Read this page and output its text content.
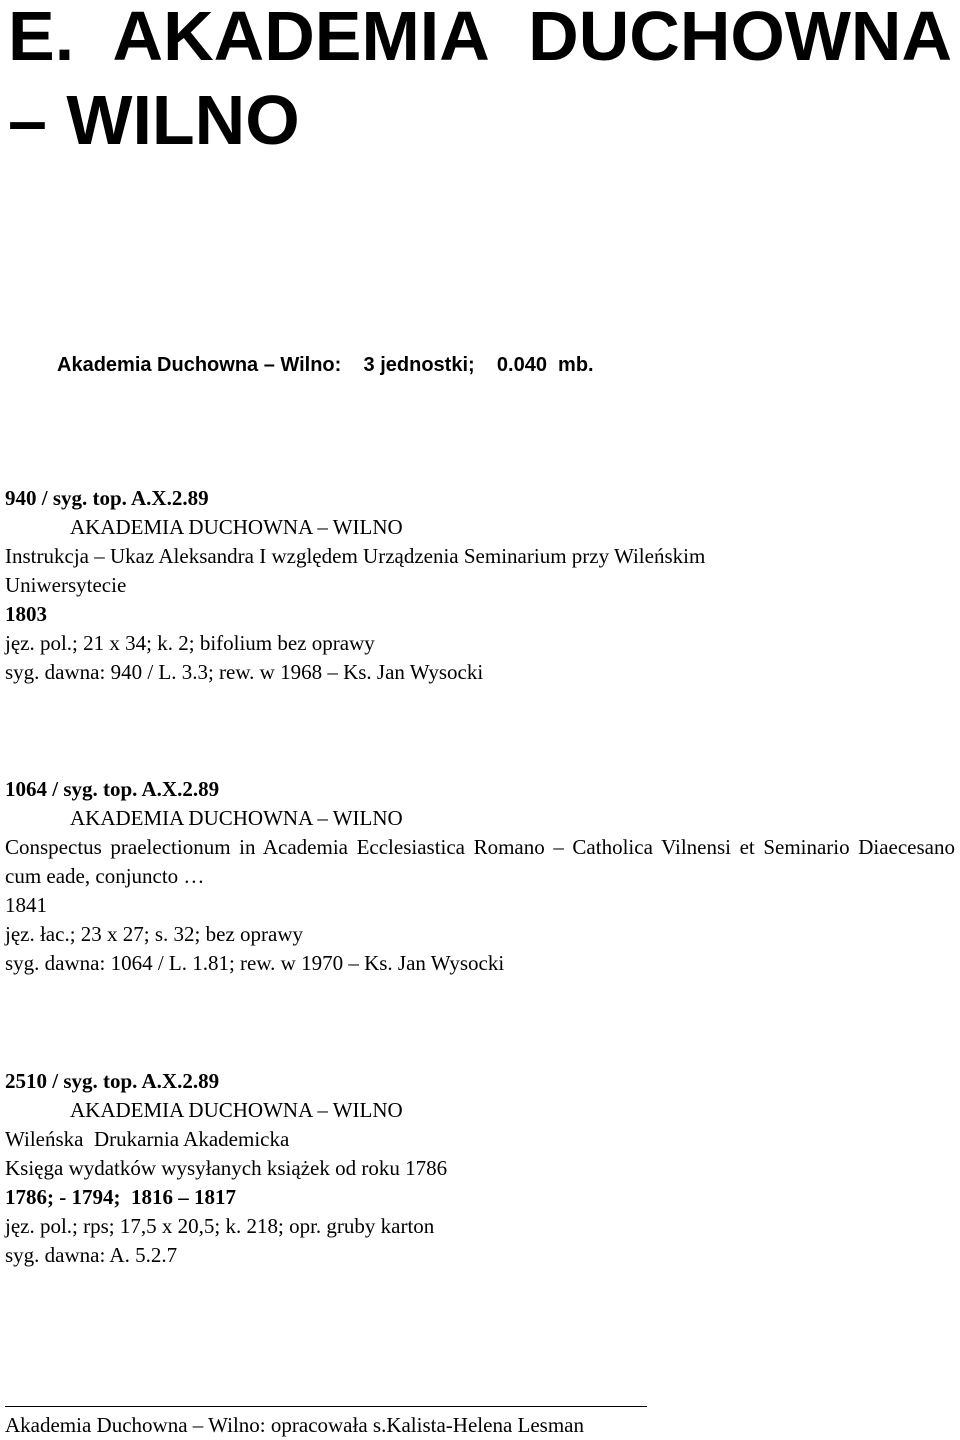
E. AKADEMIA DUCHOWNA – WILNO
Akademia Duchowna – Wilno:    3 jednostki;    0.040  mb.
940 / syg. top. A.X.2.89
AKADEMIA DUCHOWNA – WILNO
Instrukcja – Ukaz Aleksandra I względem Urządzenia Seminarium przy Wileńskim Uniwersytecie
1803
jęz. pol.; 21 x 34; k. 2; bifolium bez oprawy
syg. dawna: 940 / L. 3.3; rew. w 1968 – Ks. Jan Wysocki
1064 / syg. top. A.X.2.89
AKADEMIA DUCHOWNA – WILNO
Conspectus praelectionum in Academia Ecclesiastica Romano – Catholica Vilnensi et Seminario Diaecesano cum eade, conjuncto …
1841
jęz. łac.; 23 x 27; s. 32; bez oprawy
syg. dawna: 1064 / L. 1.81; rew. w 1970 – Ks. Jan Wysocki
2510 / syg. top. A.X.2.89
AKADEMIA DUCHOWNA – WILNO
Wileńska  Drukarnia Akademicka
Księga wydatków wysyłanych książek od roku 1786
1786; - 1794;  1816 – 1817
jęz. pol.; rps; 17,5 x 20,5; k. 218; opr. gruby karton
syg. dawna: A. 5.2.7
Akademia Duchowna – Wilno: opracowała s.Kalista-Helena Lesman
